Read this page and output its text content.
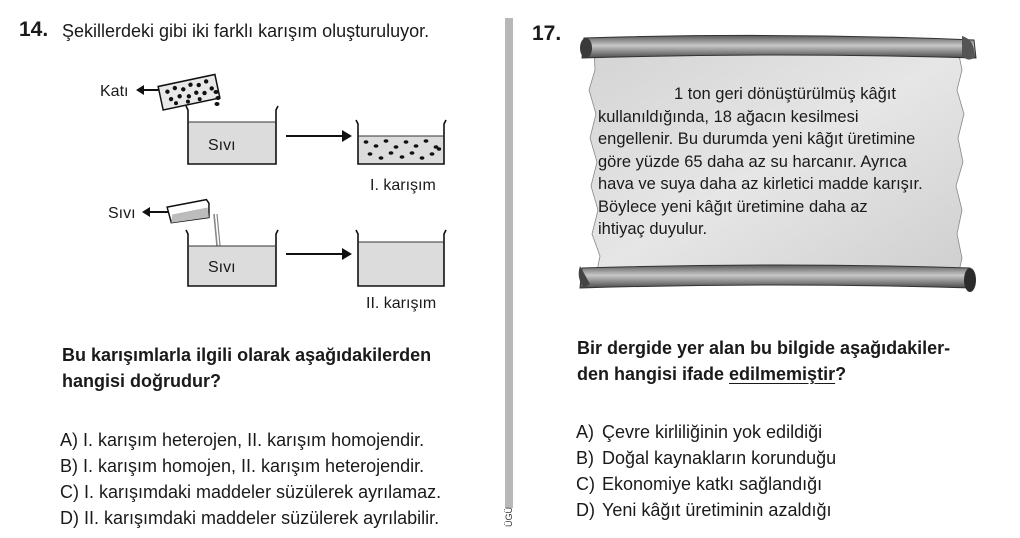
14. Şekillerdeki gibi iki farklı karışım oluşturuluyor.
Katı
Sıvı
I. karışım
Sıvı
Sıvı
II. karışım
Bu karışımlarla ilgili olarak aşağıdakilerden
hangisi doğrudur?
A) I. karışım heterojen, II. karışım homojendir.
B) I. karışım homojen, II. karışım heterojendir.
C) I. karışımdaki maddeler süzülerek ayrılamaz.
D) II. karışımdaki maddeler süzülerek ayrılabilir.	ÜGÜ
17.
1 ton geri dönüştürülmüş kâğıt
kullanıldığında, 18 ağacın kesilmesi
engellenir. Bu durumda yeni kâğıt üretimine
göre yüzde 65 daha az su harcanır. Ayrıca
hava ve suya daha az kirletici madde karışır.
Böylece yeni kâğıt üretimine daha az
ihtiyaç duyulur.
Bir dergide yer alan bu bilgide aşağıdakiler-
den hangisi ifade edilmemiştir?
A) Çevre kirliliğinin yok edildiği
B) Doğal kaynakların korunduğu
C) Ekonomiye katkı sağlandığı
D) Yeni kâğıt üretiminin azaldığı
